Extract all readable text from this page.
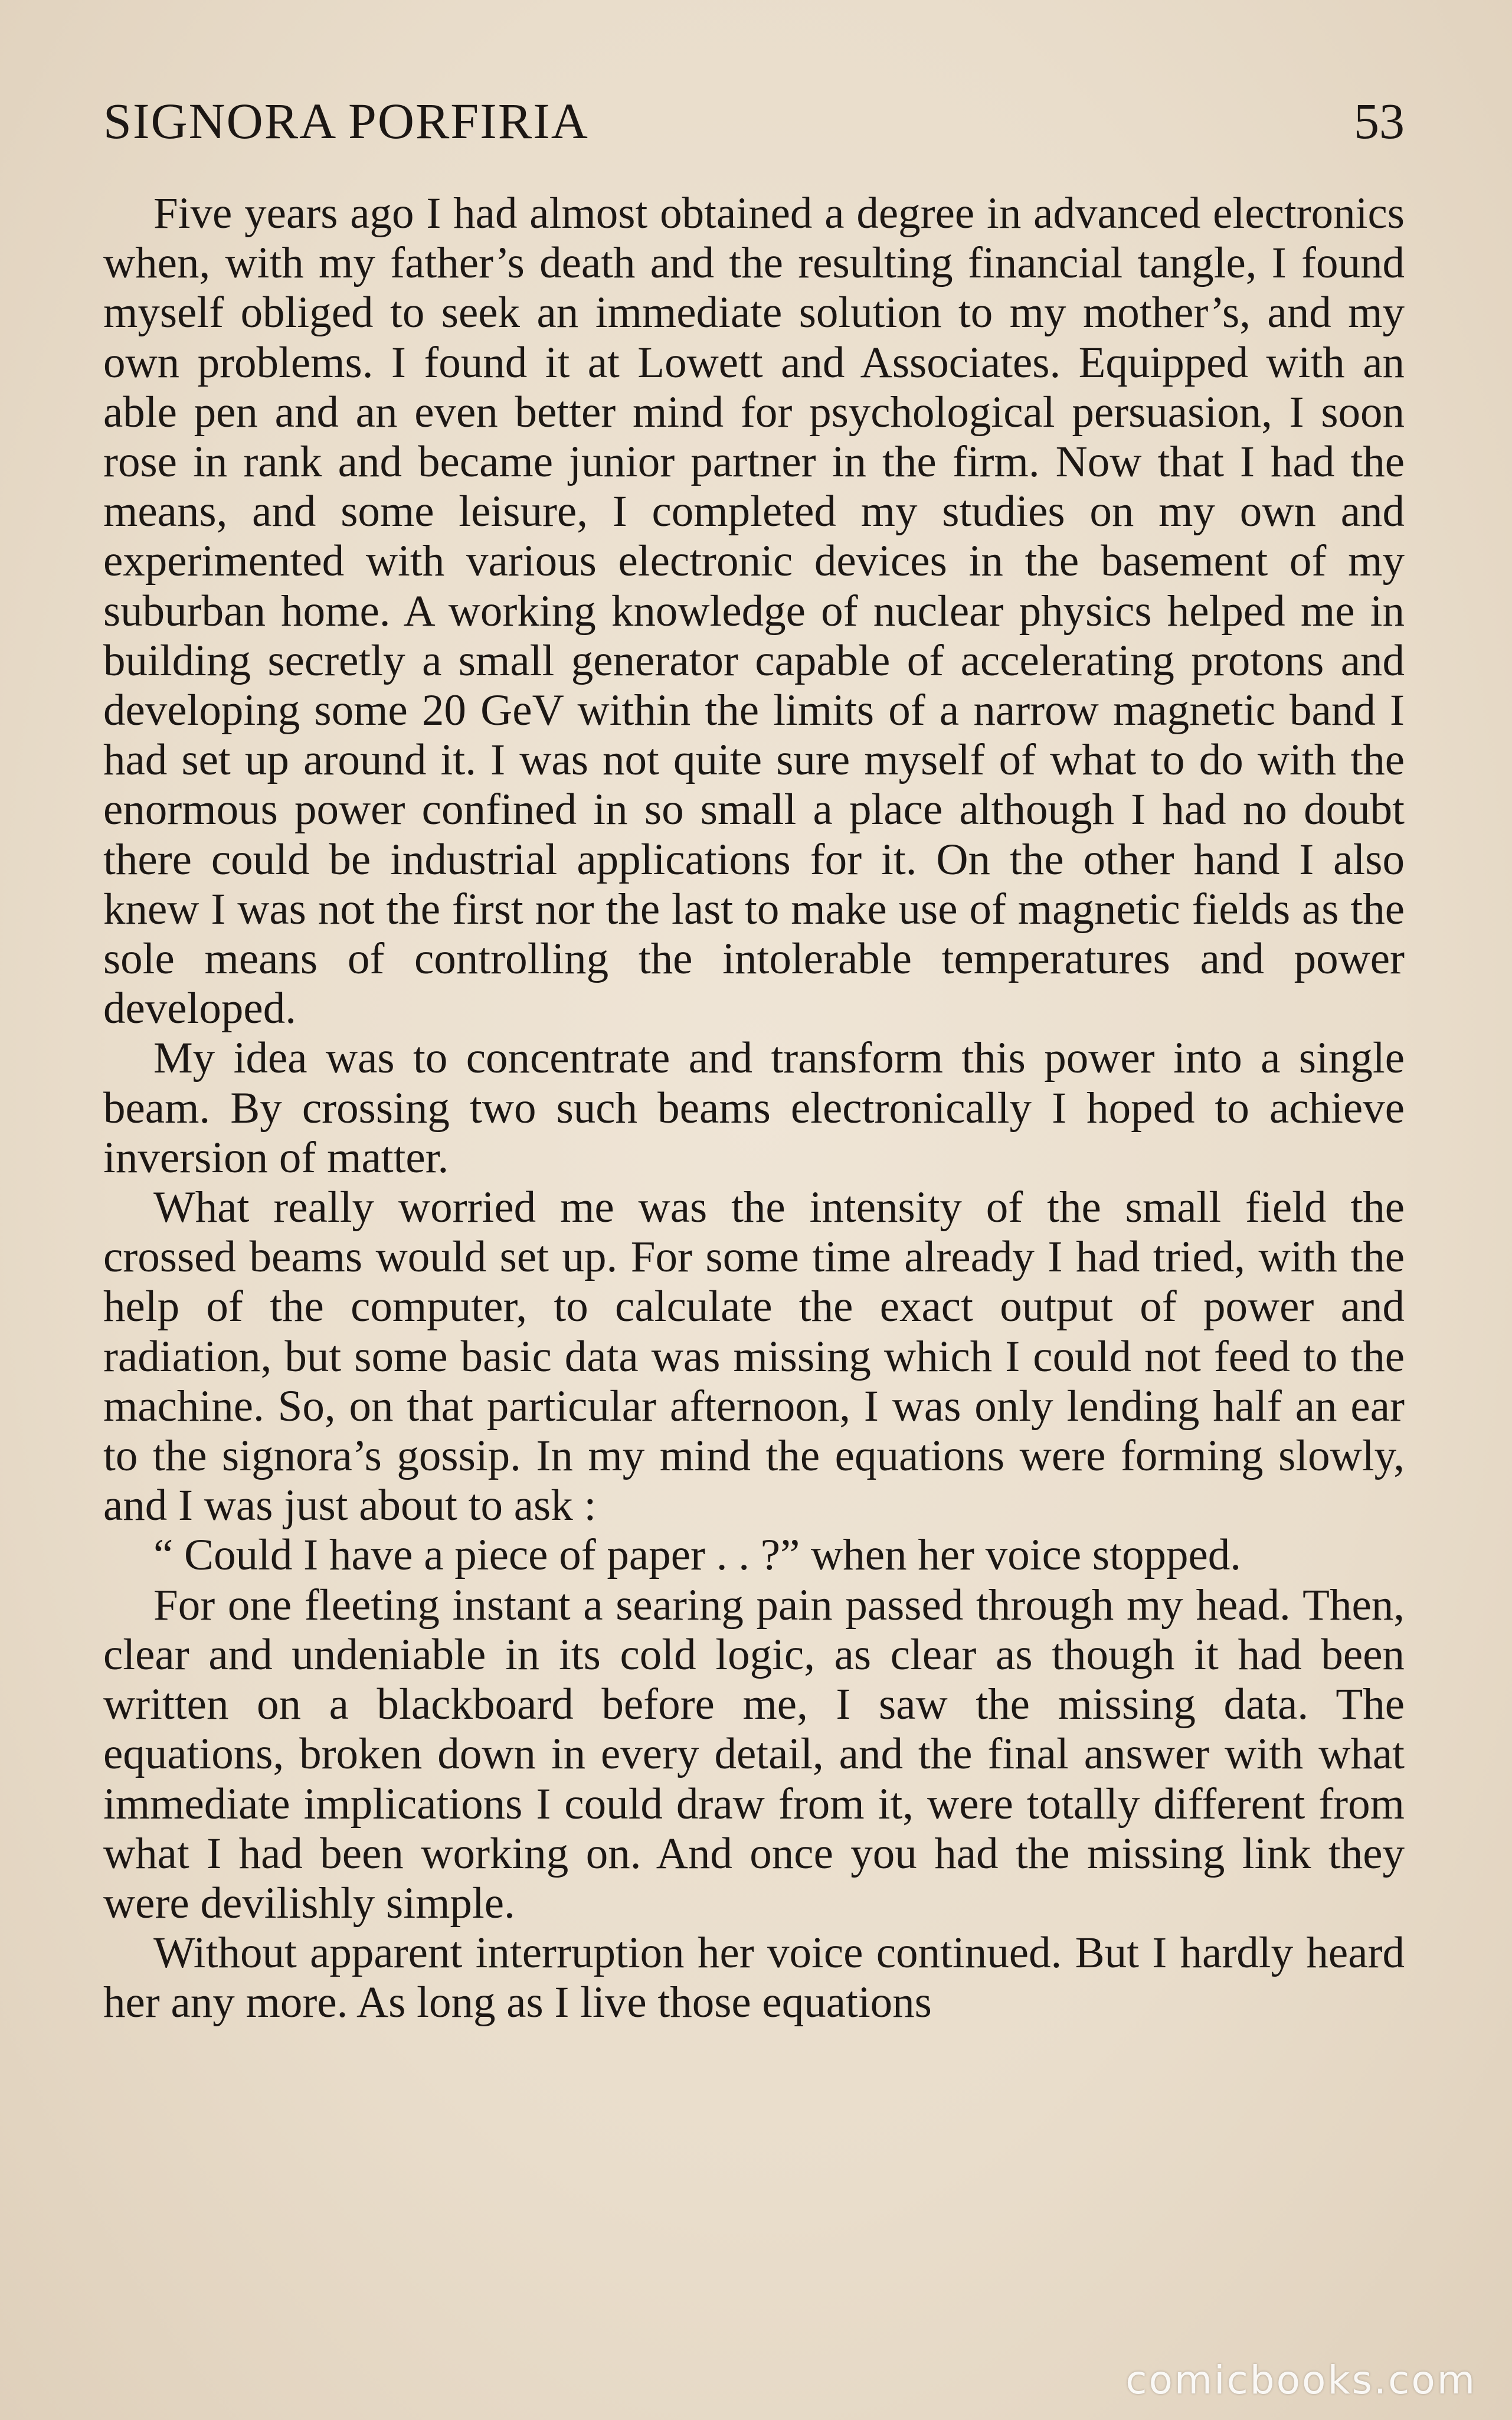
SIGNORA PORFIRIA	53

Five years ago I had almost obtained a degree in advanced electronics when, with my father’s death and the resulting financial tangle, I found myself obliged to seek an immediate solution to my mother’s, and my own problems. I found it at Lowett and Associates. Equipped with an able pen and an even better mind for psychological persuasion, I soon rose in rank and became junior partner in the firm. Now that I had the means, and some leisure, I completed my studies on my own and experimented with various electronic devices in the basement of my suburban home. A working knowledge of nuclear physics helped me in building secretly a small generator capable of accelerating protons and developing some 20 GeV within the limits of a narrow magnetic band I had set up around it. I was not quite sure myself of what to do with the enormous power confined in so small a place although I had no doubt there could be industrial applications for it. On the other hand I also knew I was not the first nor the last to make use of magnetic fields as the sole means of controlling the intolerable temperatures and power developed.

My idea was to concentrate and transform this power into a single beam. By crossing two such beams electronically I hoped to achieve inversion of matter.

What really worried me was the intensity of the small field the crossed beams would set up. For some time already I had tried, with the help of the computer, to calculate the exact output of power and radiation, but some basic data was missing which I could not feed to the machine. So, on that particular afternoon, I was only lending half an ear to the signora’s gossip. In my mind the equations were forming slowly, and I was just about to ask :

“ Could I have a piece of paper . . ?” when her voice stopped.

For one fleeting instant a searing pain passed through my head. Then, clear and undeniable in its cold logic, as clear as though it had been written on a blackboard before me, I saw the missing data. The equations, broken down in every detail, and the final answer with what immediate implications I could draw from it, were totally different from what I had been working on. And once you had the missing link they were devilishly simple.

Without apparent interruption her voice continued. But I hardly heard her any more. As long as I live those equations

comicbooks.com
